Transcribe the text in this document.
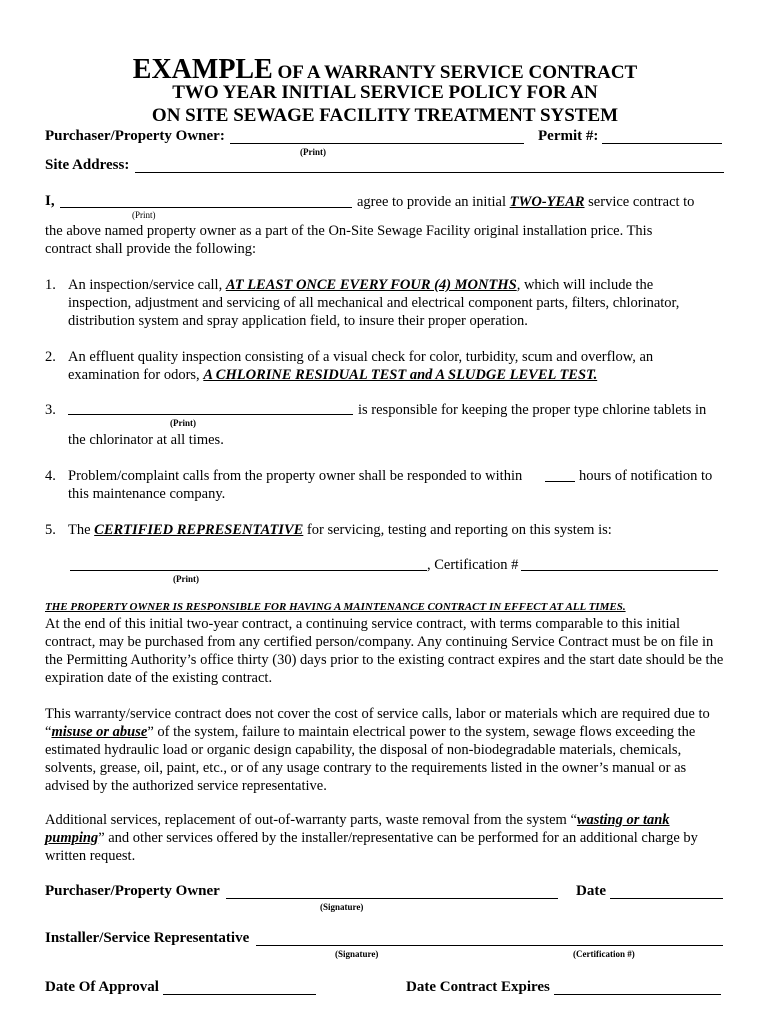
EXAMPLE OF A WARRANTY SERVICE CONTRACT
TWO YEAR INITIAL SERVICE POLICY FOR AN
ON SITE SEWAGE FACILITY TREATMENT SYSTEM
Purchaser/Property Owner:
(Print)
Permit #:
Site Address:
I,
(Print)
agree to provide an initial TWO-YEAR service contract to
the above named property owner as a part of the On-Site Sewage Facility original installation price. This
contract shall provide the following:
1. An inspection/service call, AT LEAST ONCE EVERY FOUR (4) MONTHS, which will include the
inspection, adjustment and servicing of all mechanical and electrical component parts, filters, chlorinator,
distribution system and spray application field, to insure their proper operation.
2. An effluent quality inspection consisting of a visual check for color, turbidity, scum and overflow, an
examination for odors, A CHLORINE RESIDUAL TEST and A SLUDGE LEVEL TEST.
3.
(Print)
is responsible for keeping the proper type chlorine tablets in
the chlorinator at all times.
4. Problem/complaint calls from the property owner shall be responded to within	hours of notification to
this maintenance company.
5. The CERTIFIED REPRESENTATIVE for servicing, testing and reporting on this system is:
, Certification #
(Print)
THE PROPERTY OWNER IS RESPONSIBLE FOR HAVING A MAINTENANCE CONTRACT IN EFFECT AT ALL TIMES.
At the end of this initial two-year contract, a continuing service contract, with terms comparable to this initial contract, may be purchased from any certified person/company. Any continuing Service Contract must be on file in the Permitting Authority’s office thirty (30) days prior to the existing contract expires and the start date should be the expiration date of the existing contract.
This warranty/service contract does not cover the cost of service calls, labor or materials which are required due to “misuse or abuse” of the system, failure to maintain electrical power to the system, sewage flows exceeding the estimated hydraulic load or organic design capability, the disposal of non-biodegradable materials, chemicals, solvents, grease, oil, paint, etc., or of any usage contrary to the requirements listed in the owner’s manual or as advised by the authorized service representative.
Additional services, replacement of out-of-warranty parts, waste removal from the system “wasting or tank pumping” and other services offered by the installer/representative can be performed for an additional charge by written request.
Purchaser/Property Owner
(Signature)
Date
Installer/Service Representative
(Signature)	(Certification #)
Date Of Approval	Date Contract Expires
